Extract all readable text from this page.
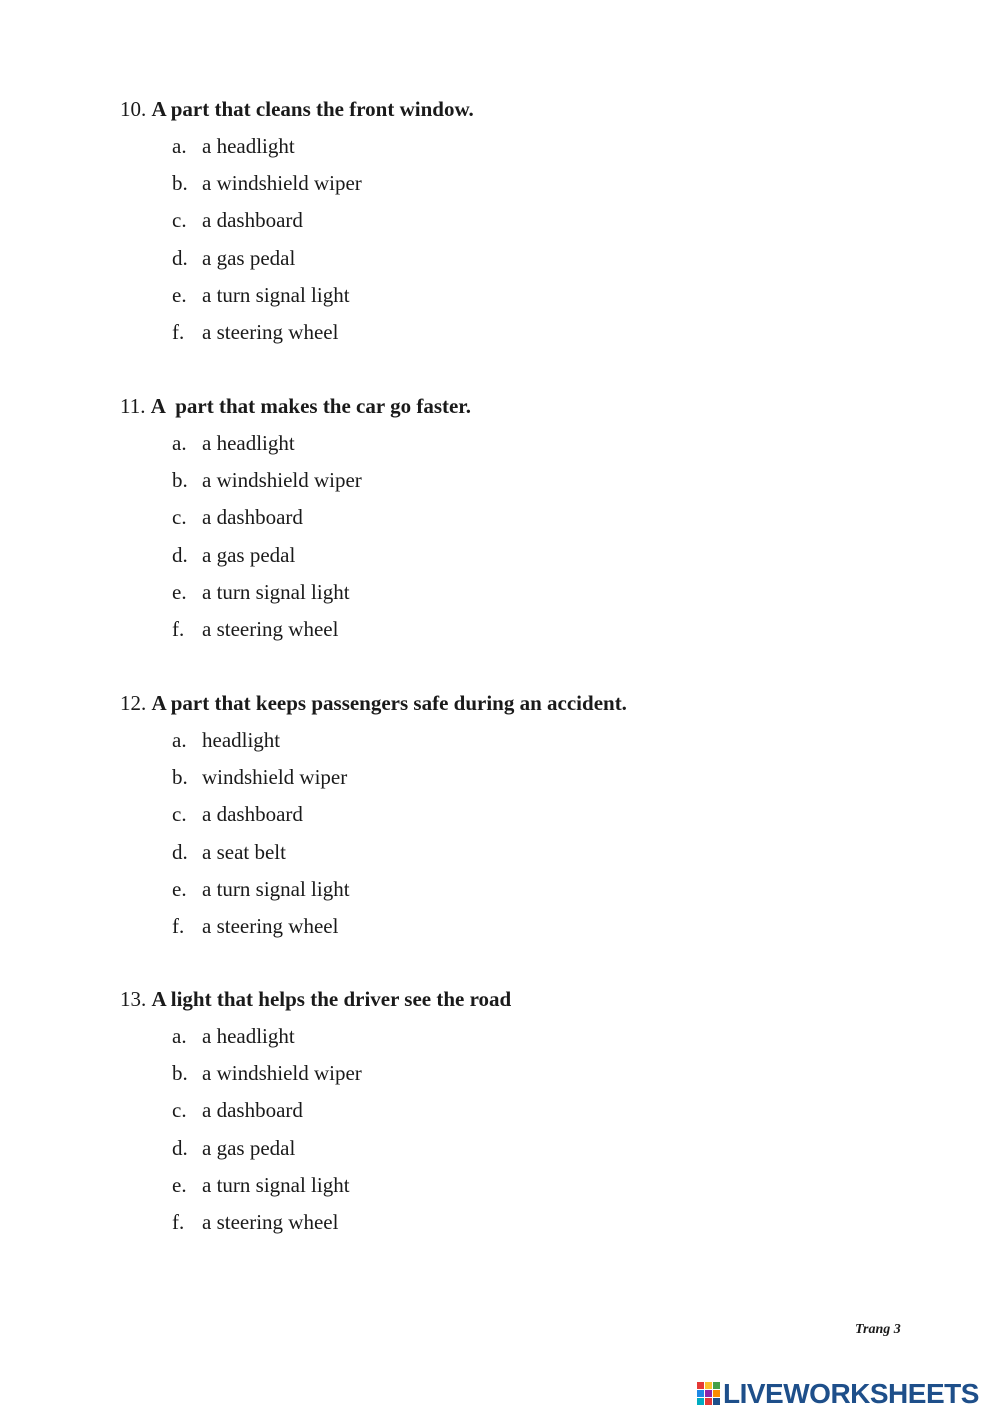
10. A part that cleans the front window.

a. a headlight
b. a windshield wiper
c. a dashboard
d. a gas pedal
e. a turn signal light
f. a steering wheel

11. A  part that makes the car go faster.

a. a headlight
b. a windshield wiper
c. a dashboard
d. a gas pedal
e. a turn signal light
f. a steering wheel

12. A part that keeps passengers safe during an accident.

a. headlight
b. windshield wiper
c. a dashboard
d. a seat belt
e. a turn signal light
f. a steering wheel

13. A light that helps the driver see the road

a. a headlight
b. a windshield wiper
c. a dashboard
d. a gas pedal
e. a turn signal light
f. a steering wheel
Trang 3
LIVEWORKSHEETS
